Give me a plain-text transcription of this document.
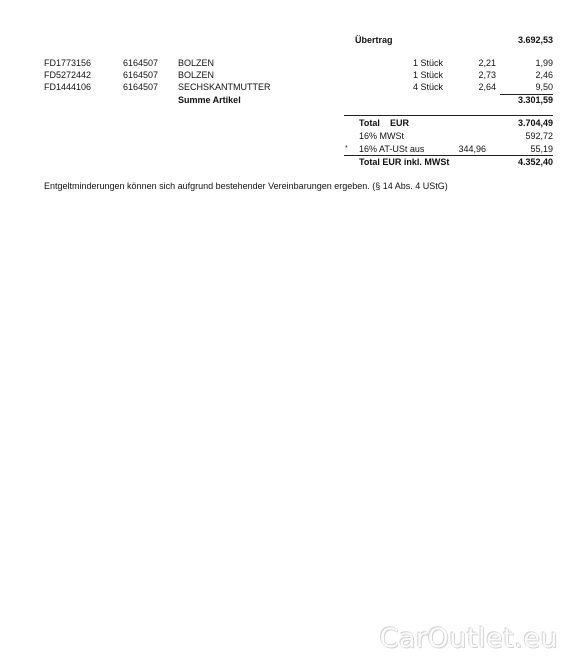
Übertrag	3.692,53
FD1773156	6164507 BOLZEN	1 Stück	2,21	1,99
FD5272442	6164507 BOLZEN	1 Stück	2,73	2,46
FD1444106	6164507 SECHSKANTMUTTER	4 Stück	2,64	9,50
Summe Artikel	3.301,59
Total EUR	3.704,49
16% MWSt	592,72
* 16% AT-USt aus	344,96	55,19
Total EUR inkl. MWSt	4.352,40
Entgeltminderungen können sich aufgrund bestehender Vereinbarungen ergeben. (§ 14 Abs. 4 UStG)
CarOutlet.eu
